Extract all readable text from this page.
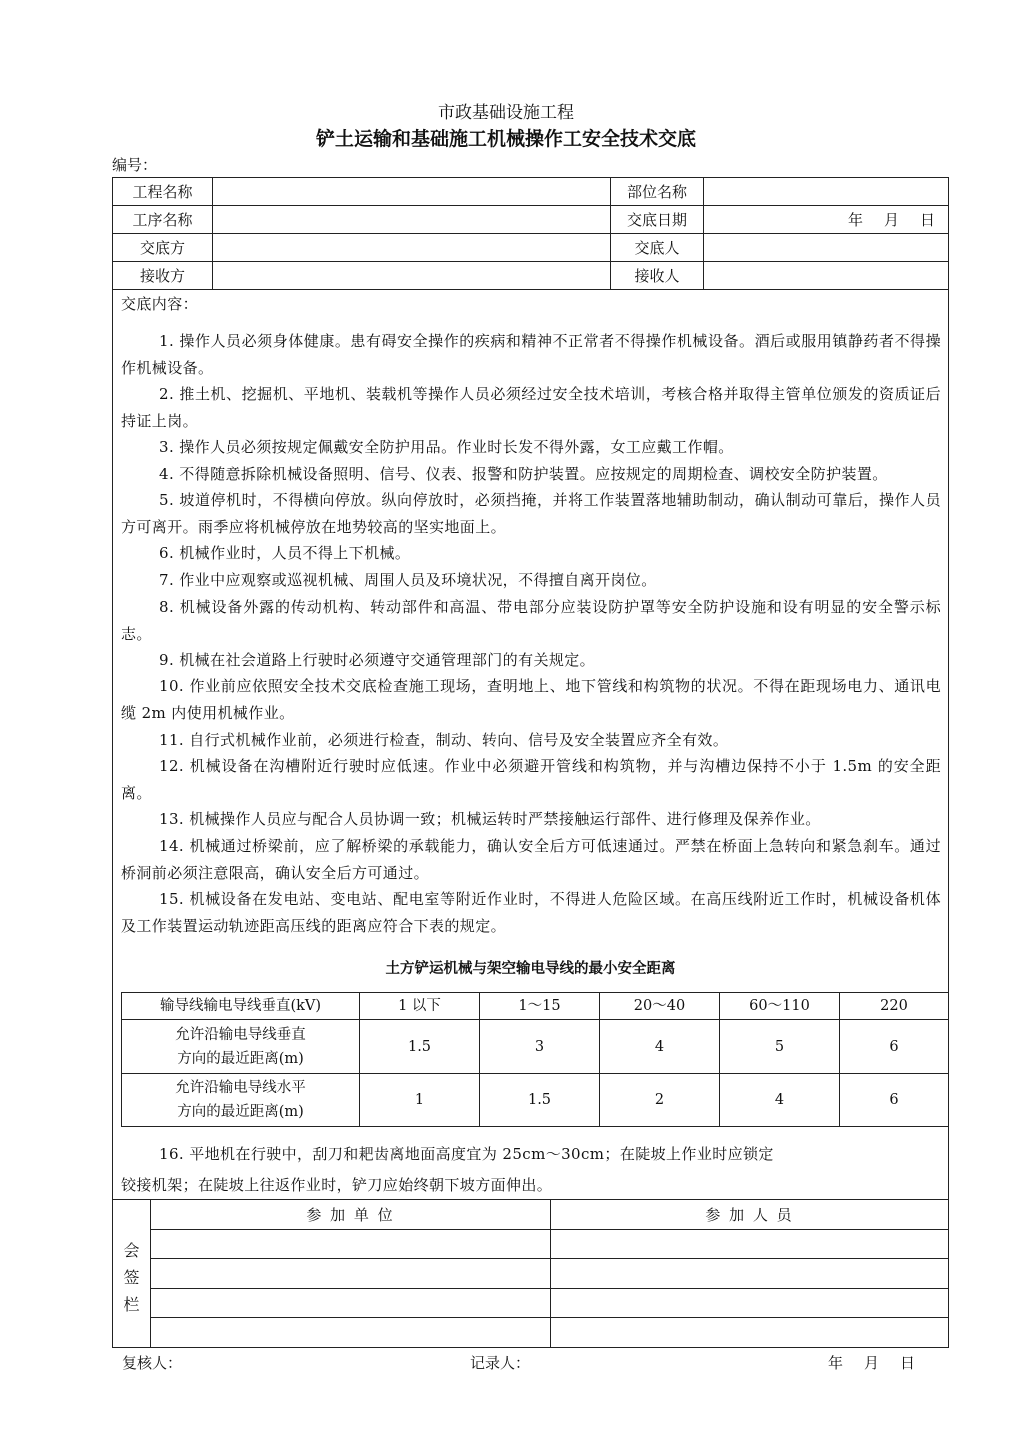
市政基础设施工程
铲土运输和基础施工机械操作工安全技术交底
编号：
工程名称		部位名称	
工序名称		交底日期	年　月　日
交底方		交底人	
接收方		接收人	
交底内容：
1. 操作人员必须身体健康。患有碍安全操作的疾病和精神不正常者不得操作机械设备。酒后或服用镇静药者不得操作机械设备。
2. 推土机、挖掘机、平地机、装载机等操作人员必须经过安全技术培训，考核合格并取得主管单位颁发的资质证后持证上岗。
3. 操作人员必须按规定佩戴安全防护用品。作业时长发不得外露，女工应戴工作帽。
4. 不得随意拆除机械设备照明、信号、仪表、报警和防护装置。应按规定的周期检查、调校安全防护装置。
5. 坡道停机时，不得横向停放。纵向停放时，必须挡掩，并将工作装置落地辅助制动，确认制动可靠后，操作人员方可离开。雨季应将机械停放在地势较高的坚实地面上。
6. 机械作业时，人员不得上下机械。
7. 作业中应观察或巡视机械、周围人员及环境状况，不得擅自离开岗位。
8. 机械设备外露的传动机构、转动部件和高温、带电部分应装设防护罩等安全防护设施和设有明显的安全警示标志。
9. 机械在社会道路上行驶时必须遵守交通管理部门的有关规定。
10. 作业前应依照安全技术交底检查施工现场，查明地上、地下管线和构筑物的状况。不得在距现场电力、通讯电缆 2m 内使用机械作业。
11. 自行式机械作业前，必须进行检查，制动、转向、信号及安全装置应齐全有效。
12. 机械设备在沟槽附近行驶时应低速。作业中必须避开管线和构筑物，并与沟槽边保持不小于 1.5m 的安全距离。
13. 机械操作人员应与配合人员协调一致；机械运转时严禁接触运行部件、进行修理及保养作业。
14. 机械通过桥梁前，应了解桥梁的承载能力，确认安全后方可低速通过。严禁在桥面上急转向和紧急刹车。通过桥洞前必须注意限高，确认安全后方可通过。
15. 机械设备在发电站、变电站、配电室等附近作业时，不得进人危险区域。在高压线附近工作时，机械设备机体及工作装置运动轨迹距高压线的距离应符合下表的规定。
土方铲运机械与架空输电导线的最小安全距离
输导线输电导线垂直(kV)	1 以下	1～15	20～40	60～110	220

允许沿输电导线垂直
方向的最近距离(m)	1.5	3	4	5	6

允许沿输电导线水平
方向的最近距离(m)	1	1.5	2	4	6
16. 平地机在行驶中，刮刀和耙齿离地面高度宜为 25cm～30cm；在陡坡上作业时应锁定
铰接机架；在陡坡上往返作业时，铲刀应始终朝下坡方面伸出。
会签栏	参 加 单 位	参 加 人 员

复核人：	记录人：	年　月　日
